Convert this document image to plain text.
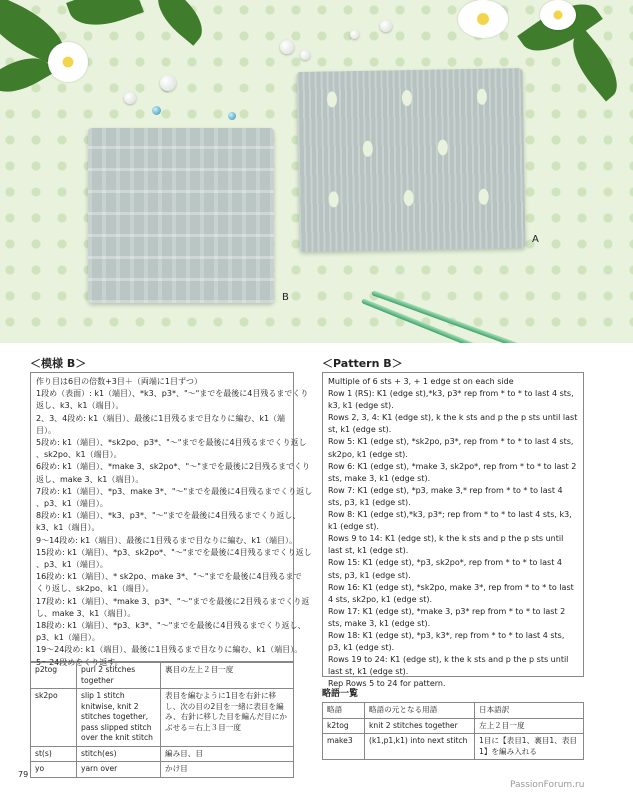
A
B
＜模様 B＞

作り目は6目の倍数+3目＋（両端に1目ずつ）

1段め（表面）: k1（端目）、*k3、p3*、"〜"までを最後に4目残るまでくり

返し、k3、k1（端目）。

2、3、4段め: k1（端目）、最後に1目残るまで目なりに編む、k1（端

目）。

5段め: k1（端目）、*sk2po、p3*、"〜"までを最後に4目残るまでくり返し

、sk2po、k1（端目）。

6段め: k1（端目）、*make 3、sk2po*、"〜"までを最後に2目残るまでくり

返し、make 3、k1（端目）。

7段め: k1（端目）、*p3、make 3*、"〜"までを最後に4目残るまでくり返し

、p3、k1（端目）。

8段め: k1（端目）、*k3、p3*、"〜"までを最後に4目残るまでくり返し、

k3、k1（端目）。

9〜14段め: k1（端目）、最後に1目残るまで目なりに編む、k1（端目）。

15段め: k1（端目）、*p3、sk2po*、"〜"までを最後に4目残るまでくり返し

、p3、k1（端目）。

16段め: k1（端目）、* sk2po、make 3*、"〜"までを最後に4目残るまで

くり返し、sk2po、k1（端目）。

17段め: k1（端目）、*make 3、p3*、"〜"までを最後に2目残るまでくり返

し、make 3、k1（端目）。

18段め: k1（端目）、*p3、k3*、"〜"までを最後に4目残るまでくり返し、

p3、k1（端目）。

19〜24段め: k1（端目）、最後に1目残るまで目なりに編む、k1（端目）。

5〜24段めをくり返す。

p2tog	purl 2 stitches together	裏目の左上２目一度
sk2po	slip 1 stitch knitwise, knit 2 stitches together, pass slipped stitch over the knit stitch	表目を編むように1目を右針に移し、次の目の2目を一緒に表目を編み、右針に移した目を編んだ目にかぶせる＝右上３目一度
st(s)	stitch(es)	編み目、目
yo	yarn over	かけ目
＜Pattern B＞

Multiple of 6 sts + 3, + 1 edge st on each side

Row 1 (RS): K1 (edge st),*k3, p3* rep from * to * to last 4 sts, k3, k1 (edge st).

Rows 2, 3, 4: K1 (edge st), k the k sts and p the p sts until last st, k1 (edge st).

Row 5: K1 (edge st), *sk2po, p3*, rep from * to * to last 4 sts, sk2po, k1 (edge st).

Row 6: K1 (edge st), *make 3, sk2po*, rep from * to * to last 2 sts, make 3, k1 (edge st).

Row 7: K1 (edge st), *p3, make 3,* rep from * to * to last 4 sts, p3, k1 (edge st).

Row 8: K1 (edge st),*k3, p3*; rep from * to * to last 4 sts, k3, k1 (edge st).

Rows 9 to 14: K1 (edge st), k the k sts and p the p sts until last st, k1 (edge st).

Row 15: K1 (edge st), *p3, sk2po*, rep from * to * to last 4 sts, p3, k1 (edge st).

Row 16: K1 (edge st), *sk2po, make 3*, rep from * to * to last 4 sts, sk2po, k1 (edge st).

Row 17: K1 (edge st), *make 3, p3* rep from * to * to last 2 sts, make 3, k1 (edge st).

Row 18: K1 (edge st), *p3, k3*, rep from * to * to last 4 sts, p3, k1 (edge st).

Rows 19 to 24: K1 (edge st), k the k sts and p the p sts until last st, k1 (edge st).

Rep Rows 5 to 24 for pattern.

略語一覧
略語	略語の元となる用語	日本語訳
k2tog	knit 2 stitches together	左上２目一度
make3	(k1,p1,k1) into next stitch	1目に【表目1、裏目1、表目1】を編み入れる
79
PassionForum.ru
